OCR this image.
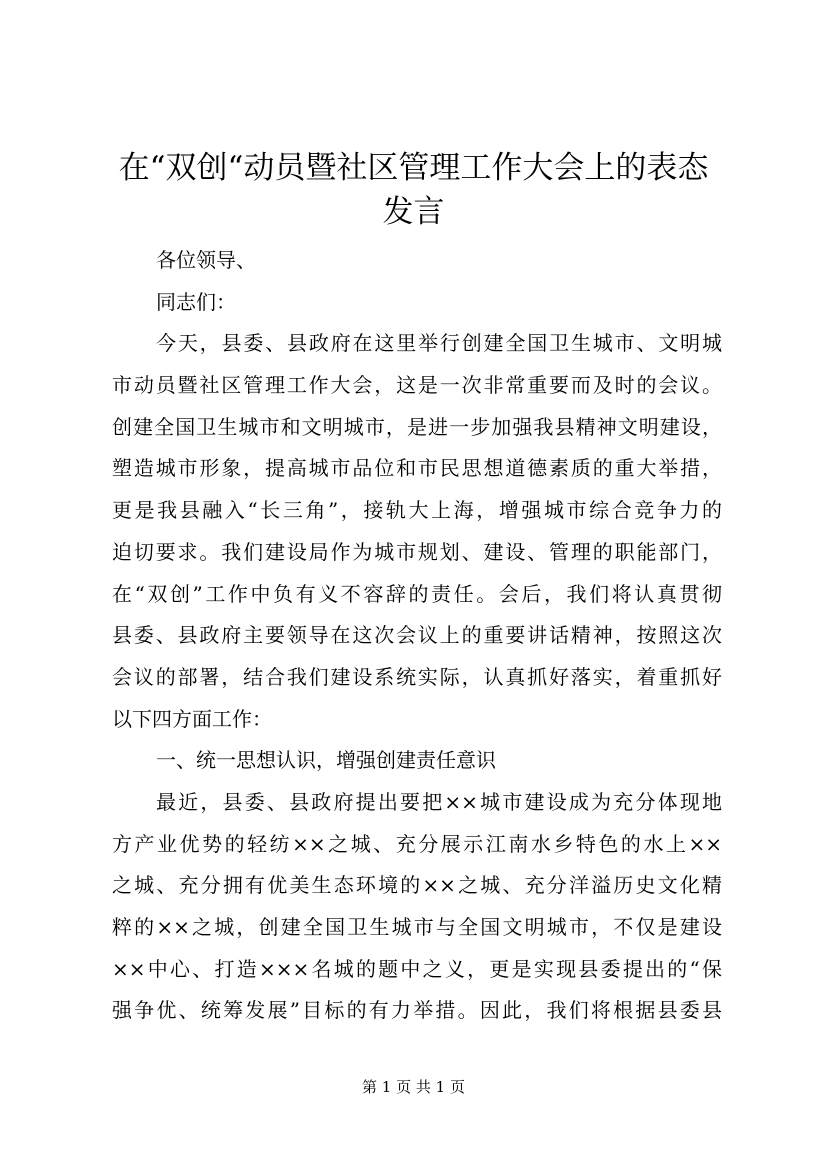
在“双创“动员暨社区管理工作大会上的表态
发言
各位领导、
同志们：
今天，县委、县政府在这里举行创建全国卫生城市、文明城
市动员暨社区管理工作大会，这是一次非常重要而及时的会议。
创建全国卫生城市和文明城市，是进一步加强我县精神文明建设，
塑造城市形象，提高城市品位和市民思想道德素质的重大举措，
更是我县融入“长三角”，接轨大上海，增强城市综合竞争力的
迫切要求。我们建设局作为城市规划、建设、管理的职能部门，
在“双创”工作中负有义不容辞的责任。会后，我们将认真贯彻
县委、县政府主要领导在这次会议上的重要讲话精神，按照这次
会议的部署，结合我们建设系统实际，认真抓好落实，着重抓好
以下四方面工作：
一、统一思想认识，增强创建责任意识
最近，县委、县政府提出要把××城市建设成为充分体现地
方产业优势的轻纺××之城、充分展示江南水乡特色的水上××
之城、充分拥有优美生态环境的××之城、充分洋溢历史文化精
粹的××之城，创建全国卫生城市与全国文明城市，不仅是建设
××中心、打造×××名城的题中之义，更是实现县委提出的“保
强争优、统筹发展”目标的有力举措。因此，我们将根据县委县
第 1 页 共 1 页
